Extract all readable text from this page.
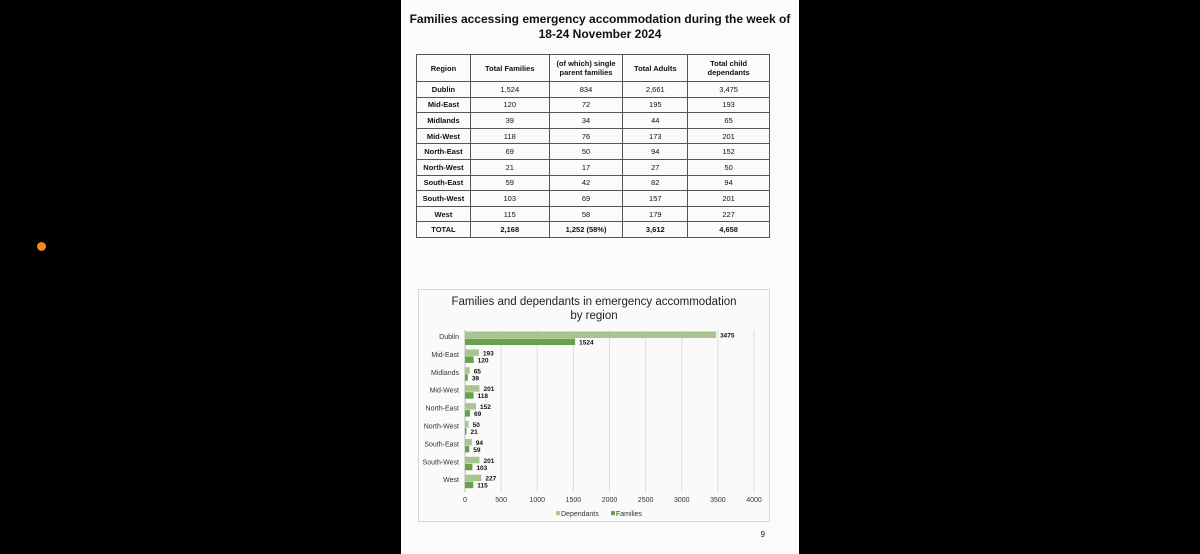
Families accessing emergency accommodation during the week of
18-24 November 2024
Region	Total Families	(of which) single parent families	Total Adults	Total child dependants
Dublin	1,524	834	2,661	3,475
Mid-East	120	72	195	193
Midlands	39	34	44	65
Mid-West	118	76	173	201
North-East	69	50	94	152
North-West	21	17	27	50
South-East	59	42	82	94
South-West	103	69	157	201
West	115	58	179	227
TOTAL	2,168	1,252 (58%)	3,612	4,658
Families and dependants in emergency accommodation
by region
0	500	1000	1500	2000	2500	3000	3500	4000
Dublin	3475
1524
Mid-East	193
120
Midlands 65
39
Mid-West	201
118
North-East	152
69
North-West 50
21
South-East	94
59
South-West	201
103
West	227
115
Dependants Families
9
